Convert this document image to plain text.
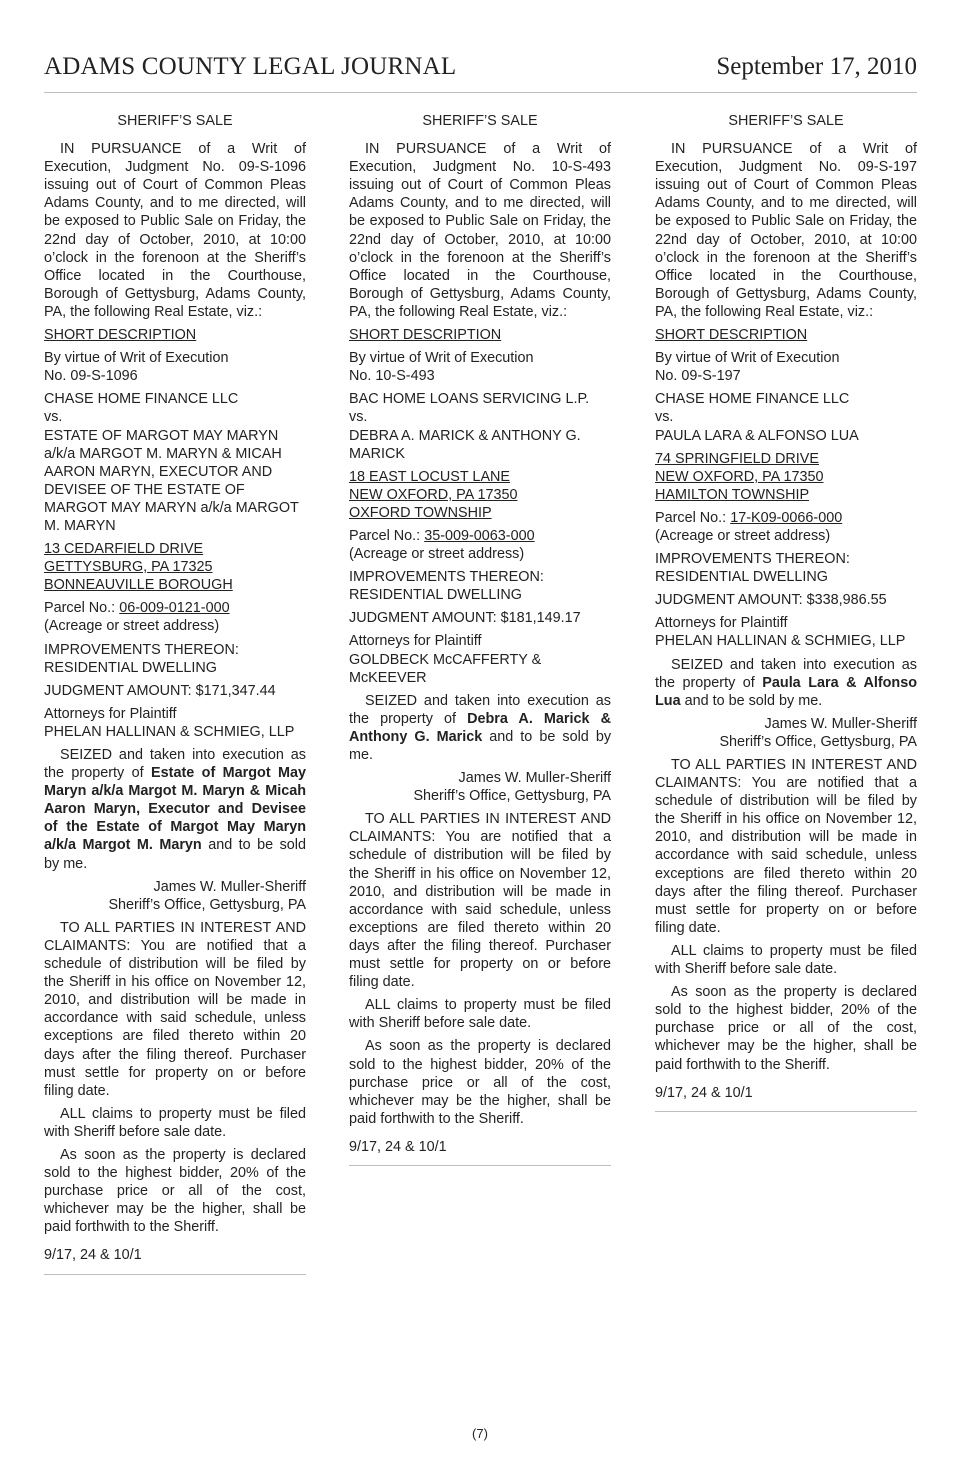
ADAMS COUNTY LEGAL JOURNAL	September 17, 2010

SHERIFF’S SALE

IN PURSUANCE of a Writ of Execution, Judgment No. 09-S-1096 issuing out of Court of Common Pleas Adams County, and to me directed, will be exposed to Public Sale on Friday, the 22nd day of October, 2010, at 10:00 o’clock in the forenoon at the Sheriff’s Office located in the Courthouse, Borough of Gettysburg, Adams County, PA, the following Real Estate, viz.:

SHORT DESCRIPTION

By virtue of Writ of Execution
No. 09-S-1096

CHASE HOME FINANCE LLC
vs.
ESTATE OF MARGOT MAY MARYN a/k/a MARGOT M. MARYN & MICAH AARON MARYN, EXECUTOR AND DEVISEE OF THE ESTATE OF MARGOT MAY MARYN a/k/a MARGOT M. MARYN

13 CEDARFIELD DRIVE
GETTYSBURG, PA 17325
BONNEAUVILLE BOROUGH

Parcel No.: 06-009-0121-000
(Acreage or street address)

IMPROVEMENTS THEREON:
RESIDENTIAL DWELLING

JUDGMENT AMOUNT: $171,347.44

Attorneys for Plaintiff
PHELAN HALLINAN & SCHMIEG, LLP

SEIZED and taken into execution as the property of Estate of Margot May Maryn a/k/a Margot M. Maryn & Micah Aaron Maryn, Executor and Devisee of the Estate of Margot May Maryn a/k/a Margot M. Maryn and to be sold by me.

James W. Muller-Sheriff
Sheriff’s Office, Gettysburg, PA

TO ALL PARTIES IN INTEREST AND CLAIMANTS: You are notified that a schedule of distribution will be filed by the Sheriff in his office on November 12, 2010, and distribution will be made in accordance with said schedule, unless exceptions are filed thereto within 20 days after the filing thereof. Purchaser must settle for property on or before filing date.

ALL claims to property must be filed with Sheriff before sale date.

As soon as the property is declared sold to the highest bidder, 20% of the purchase price or all of the cost, whichever may be the higher, shall be paid forthwith to the Sheriff.

9/17, 24 & 10/1

SHERIFF’S SALE

IN PURSUANCE of a Writ of Execution, Judgment No. 10-S-493 issuing out of Court of Common Pleas Adams County, and to me directed, will be exposed to Public Sale on Friday, the 22nd day of October, 2010, at 10:00 o’clock in the forenoon at the Sheriff’s Office located in the Courthouse, Borough of Gettysburg, Adams County, PA, the following Real Estate, viz.:

SHORT DESCRIPTION

By virtue of Writ of Execution
No. 10-S-493

BAC HOME LOANS SERVICING L.P.
vs.
DEBRA A. MARICK & ANTHONY G. MARICK

18 EAST LOCUST LANE
NEW OXFORD, PA 17350
OXFORD TOWNSHIP

Parcel No.: 35-009-0063-000
(Acreage or street address)

IMPROVEMENTS THEREON:
RESIDENTIAL DWELLING

JUDGMENT AMOUNT: $181,149.17

Attorneys for Plaintiff
GOLDBECK McCAFFERTY & McKEEVER

SEIZED and taken into execution as the property of Debra A. Marick & Anthony G. Marick and to be sold by me.

James W. Muller-Sheriff
Sheriff’s Office, Gettysburg, PA

TO ALL PARTIES IN INTEREST AND CLAIMANTS: You are notified that a schedule of distribution will be filed by the Sheriff in his office on November 12, 2010, and distribution will be made in accordance with said schedule, unless exceptions are filed thereto within 20 days after the filing thereof. Purchaser must settle for property on or before filing date.

ALL claims to property must be filed with Sheriff before sale date.

As soon as the property is declared sold to the highest bidder, 20% of the purchase price or all of the cost, whichever may be the higher, shall be paid forthwith to the Sheriff.

9/17, 24 & 10/1

SHERIFF’S SALE

IN PURSUANCE of a Writ of Execution, Judgment No. 09-S-197 issuing out of Court of Common Pleas Adams County, and to me directed, will be exposed to Public Sale on Friday, the 22nd day of October, 2010, at 10:00 o’clock in the forenoon at the Sheriff’s Office located in the Courthouse, Borough of Gettysburg, Adams County, PA, the following Real Estate, viz.:

SHORT DESCRIPTION

By virtue of Writ of Execution
No. 09-S-197

CHASE HOME FINANCE LLC
vs.
PAULA LARA & ALFONSO LUA

74 SPRINGFIELD DRIVE
NEW OXFORD, PA 17350
HAMILTON TOWNSHIP

Parcel No.: 17-K09-0066-000
(Acreage or street address)

IMPROVEMENTS THEREON:
RESIDENTIAL DWELLING

JUDGMENT AMOUNT: $338,986.55

Attorneys for Plaintiff
PHELAN HALLINAN & SCHMIEG, LLP

SEIZED and taken into execution as the property of Paula Lara & Alfonso Lua and to be sold by me.

James W. Muller-Sheriff
Sheriff’s Office, Gettysburg, PA

TO ALL PARTIES IN INTEREST AND CLAIMANTS: You are notified that a schedule of distribution will be filed by the Sheriff in his office on November 12, 2010, and distribution will be made in accordance with said schedule, unless exceptions are filed thereto within 20 days after the filing thereof. Purchaser must settle for property on or before filing date.

ALL claims to property must be filed with Sheriff before sale date.

As soon as the property is declared sold to the highest bidder, 20% of the purchase price or all of the cost, whichever may be the higher, shall be paid forthwith to the Sheriff.

9/17, 24 & 10/1

(7)
